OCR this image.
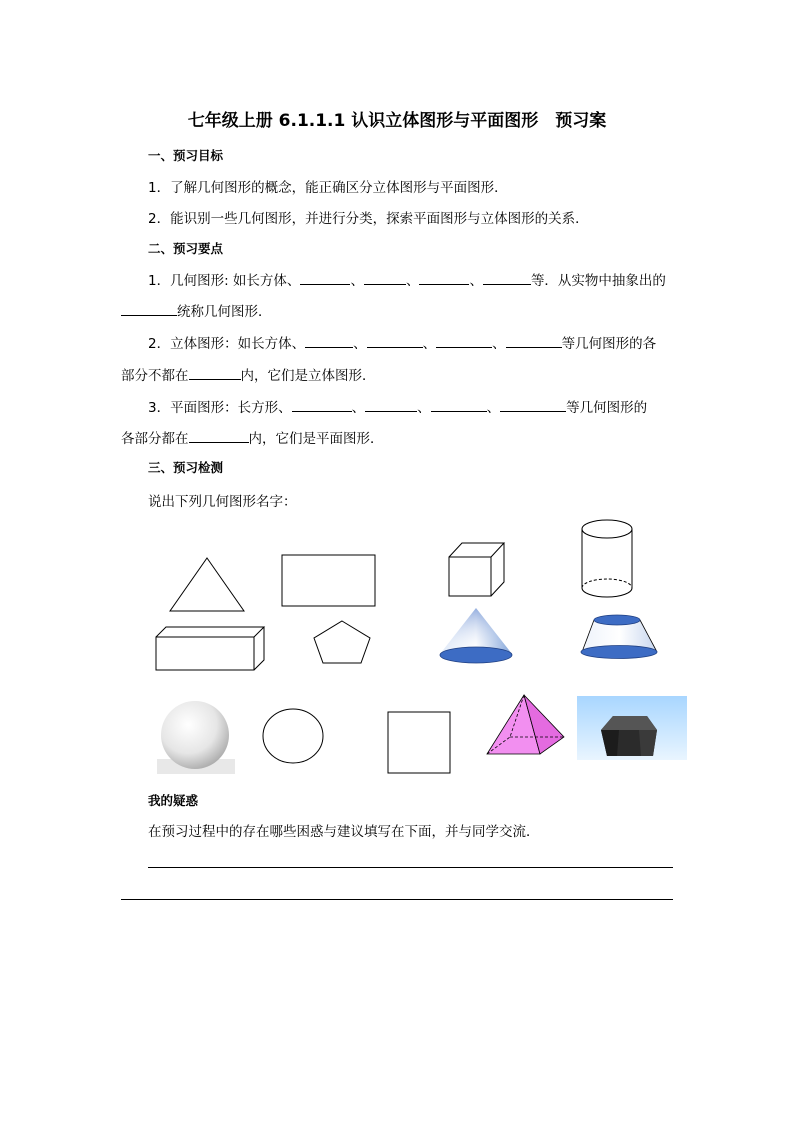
七年级上册 6.1.1.1 认识立体图形与平面图形　预习案
一、预习目标
1．了解几何图形的概念，能正确区分立体图形与平面图形．
2．能识别一些几何图形，并进行分类，探索平面图形与立体图形的关系．
二、预习要点
1．几何图形: 如长方体、	、	、	、	等．从实物中抽象出的
统称几何图形．
2．立体图形：如长方体、	、	、	、	等几何图形的各
部分不都在	内，它们是立体图形．
3．平面图形：长方形、	、	、	、	等几何图形的
各部分都在	内，它们是平面图形．
三、预习检测
说出下列几何图形名字：
我的疑惑
在预习过程中的存在哪些困惑与建议填写在下面，并与同学交流．
